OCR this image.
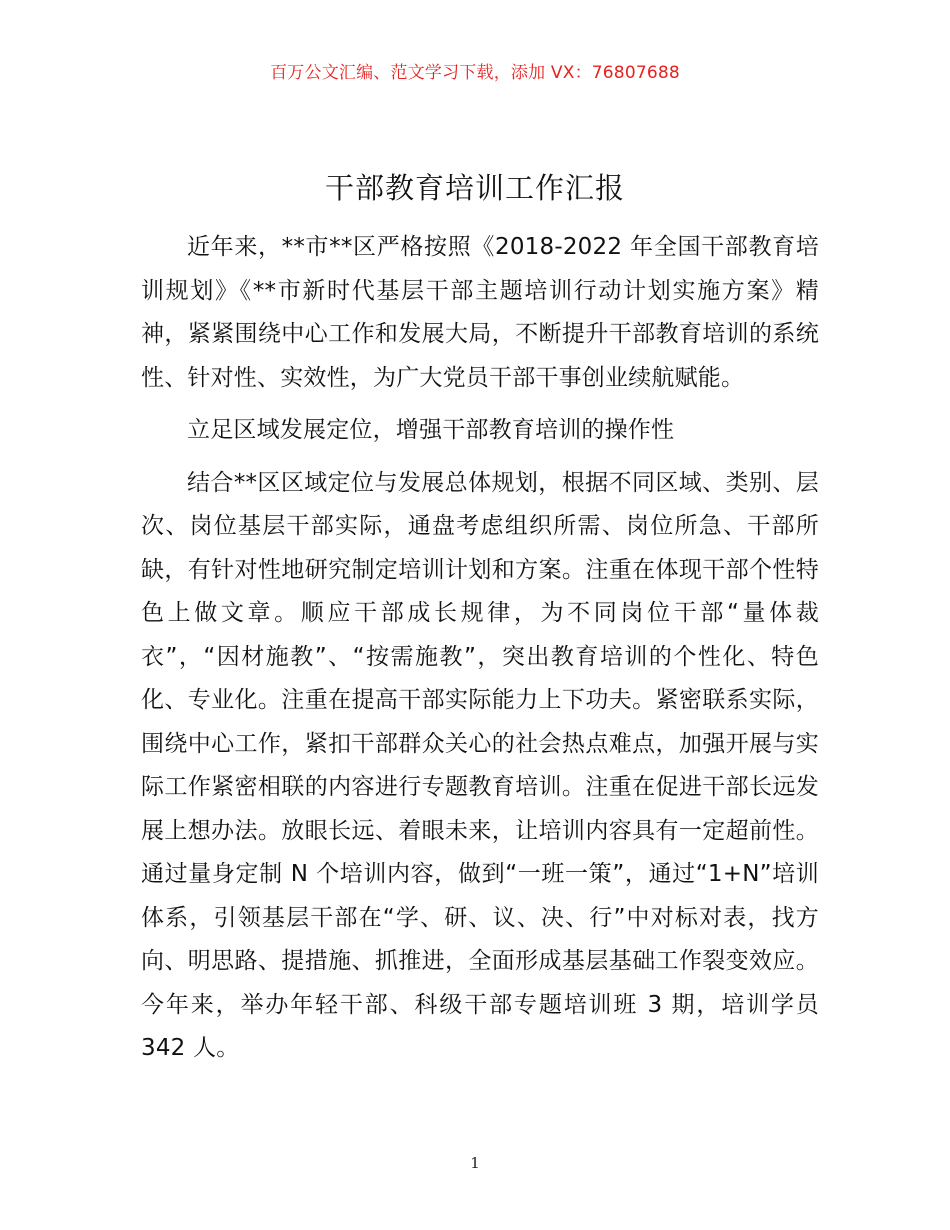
百万公文汇编、范文学习下载，添加 VX：76807688
干部教育培训工作汇报

近年来，**市**区严格按照《2018-2022 年全国干部教育培训规划》《**市新时代基层干部主题培训行动计划实施方案》精神，紧紧围绕中心工作和发展大局，不断提升干部教育培训的系统性、针对性、实效性，为广大党员干部干事创业续航赋能。

立足区域发展定位，增强干部教育培训的操作性

结合**区区域定位与发展总体规划，根据不同区域、类别、层次、岗位基层干部实际，通盘考虑组织所需、岗位所急、干部所缺，有针对性地研究制定培训计划和方案。注重在体现干部个性特色上做文章。顺应干部成长规律，为不同岗位干部“量体裁衣”，“因材施教”、“按需施教”，突出教育培训的个性化、特色化、专业化。注重在提高干部实际能力上下功夫。紧密联系实际，围绕中心工作，紧扣干部群众关心的社会热点难点，加强开展与实际工作紧密相联的内容进行专题教育培训。注重在促进干部长远发展上想办法。放眼长远、着眼未来，让培训内容具有一定超前性。通过量身定制 N 个培训内容，做到“一班一策”，通过“1+N”培训体系，引领基层干部在“学、研、议、决、行”中对标对表，找方向、明思路、提措施、抓推进，全面形成基层基础工作裂变效应。今年来，举办年轻干部、科级干部专题培训班 3 期，培训学员 342 人。

1
